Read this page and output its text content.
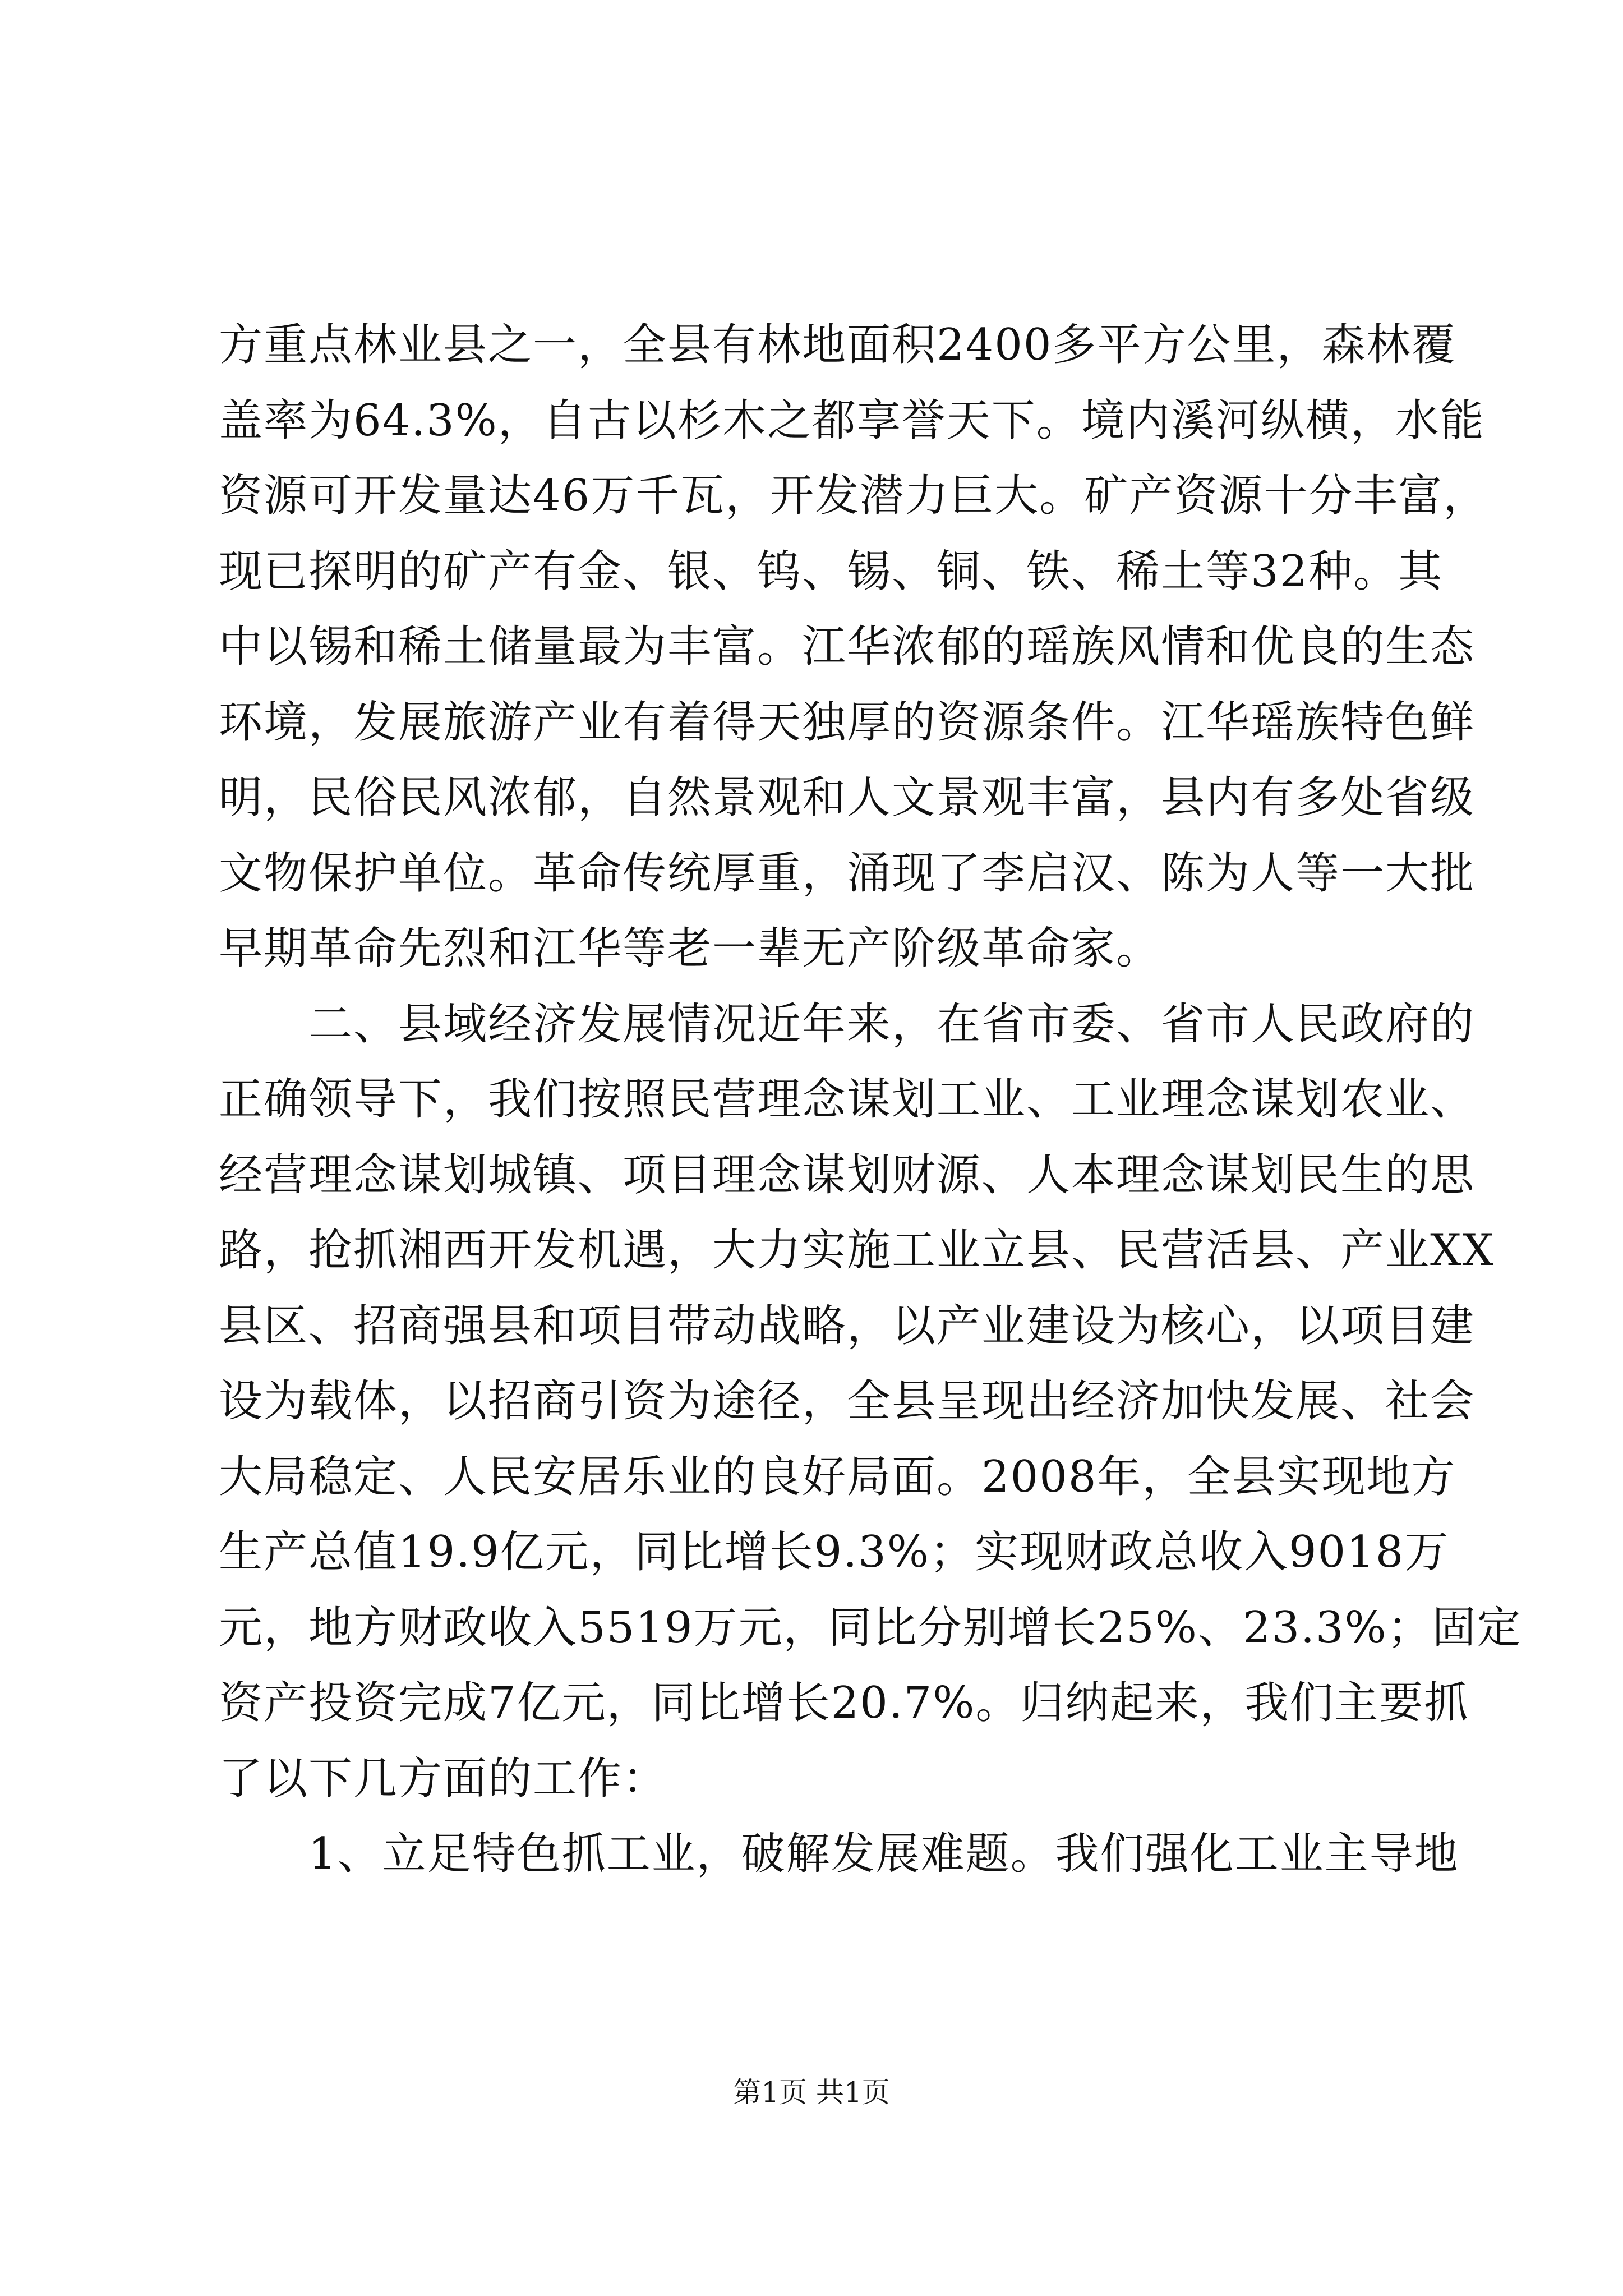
方重点林业县之一，全县有林地面积2400多平方公里，森林覆
盖率为64.3%，自古以杉木之都享誉天下。境内溪河纵横，水能
资源可开发量达46万千瓦，开发潜力巨大。矿产资源十分丰富，
现已探明的矿产有金、银、钨、锡、铜、铁、稀土等32种。其
中以锡和稀土储量最为丰富。江华浓郁的瑶族风情和优良的生态
环境，发展旅游产业有着得天独厚的资源条件。江华瑶族特色鲜
明，民俗民风浓郁，自然景观和人文景观丰富，县内有多处省级
文物保护单位。革命传统厚重，涌现了李启汉、陈为人等一大批
早期革命先烈和江华等老一辈无产阶级革命家。
二、县域经济发展情况近年来，在省市委、省市人民政府的
正确领导下，我们按照民营理念谋划工业、工业理念谋划农业、
经营理念谋划城镇、项目理念谋划财源、人本理念谋划民生的思
路，抢抓湘西开发机遇，大力实施工业立县、民营活县、产业XX
县区、招商强县和项目带动战略，以产业建设为核心，以项目建
设为载体，以招商引资为途径，全县呈现出经济加快发展、社会
大局稳定、人民安居乐业的良好局面。2008年，全县实现地方
生产总值19.9亿元，同比增长9.3%；实现财政总收入9018万
元，地方财政收入5519万元，同比分别增长25%、23.3%；固定
资产投资完成7亿元，同比增长20.7%。归纳起来，我们主要抓
了以下几方面的工作：
1、立足特色抓工业，破解发展难题。我们强化工业主导地
第1页 共1页
